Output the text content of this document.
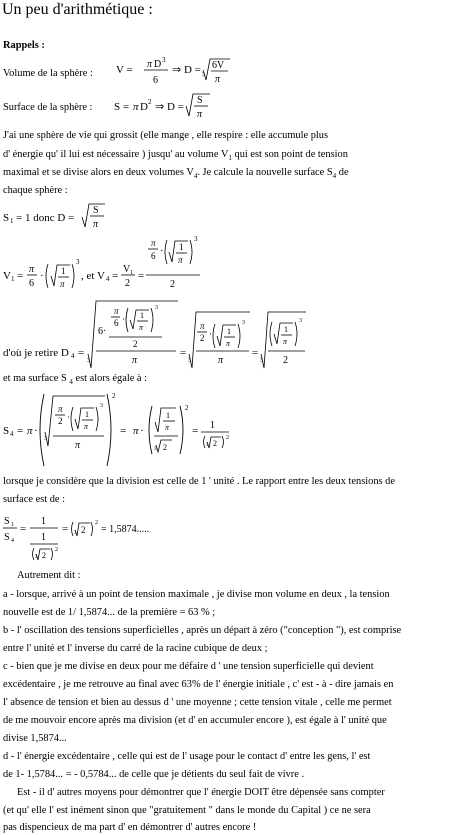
Un peu d'arithmétique :
Rappels :
Volume de la sphère : V = π D 3
6
⇒ D = 3
6V
π
Surface de la sphère : S = π D 2 ⇒ D =
S
π
J'ai une sphère de vie qui grossit (elle mange , elle respire : elle accumule plus
d' énergie qu' il lui est nécessaire ) jusqu' au volume $V_1$ qui est son point de tension
maximal et se divise alors en deux volumes $V_4$. Je calcule la nouvelle surface $S_4$ de
chaque sphère :
S 1 = 1 donc D =
S
π
V 1 =
π
6
· 1
π
3
, et V 4 =
V 1
2
=
π
6 · 1
π
3
2
d'où je retire D 4 =
3
6·
π
6 · 1
π
3
2
π
=
3
π
2 · 1
π
3
π
=
3
1
π
3
2
et ma surface S $_4$ est alors égale à :
S 4 = π ·
3
π
2 · 1
π
3
π
2
= π ·
1
π
3 2
2
= 1
3 2
2
lorsque je considère que la division est celle de 1 ' unité . Le rapport entre les deux tensions de
surface est de :
S 1
S 4
=
1
1
3 2
2
= 3 2
2
= 1,5874.....
Autrement dit :
a - lorsque, arrivé à un point de tension maximale , je divise mon volume en deux , la tension
nouvelle est de 1/ 1,5874... de la première = 63 % ;
b - l' oscillation des tensions superficielles , après un départ à zéro ("conception "), est comprise
entre l' unité et l' inverse du carré de la racine cubique de deux ;
c - bien que je me divise en deux pour me défaire d ' une tension superficielle qui devient
excédentaire , je me retrouve au final avec 63% de l' énergie initiale , c' est - à - dire jamais en
l' absence de tension et bien au dessus d ' une moyenne ; cette tension vitale , celle me permet
de me mouvoir encore après ma division (et d' en accumuler encore ), est égale à l' unité que
divise 1,5874...
d - l' énergie excédentaire , celle qui est de l' usage pour le contact d' entre les gens, l' est
de 1- 1,5784... = - 0,5784... de celle que je détients du seul fait de vivre .
Est - il d' autres moyens pour démontrer que l' énergie DOIT être dépensée sans compter
(et qu' elle l' est inément sinon que "gratuitement " dans le monde du Capital ) ce ne sera
pas dispencieux de ma part d' en démontrer d' autres encore !
